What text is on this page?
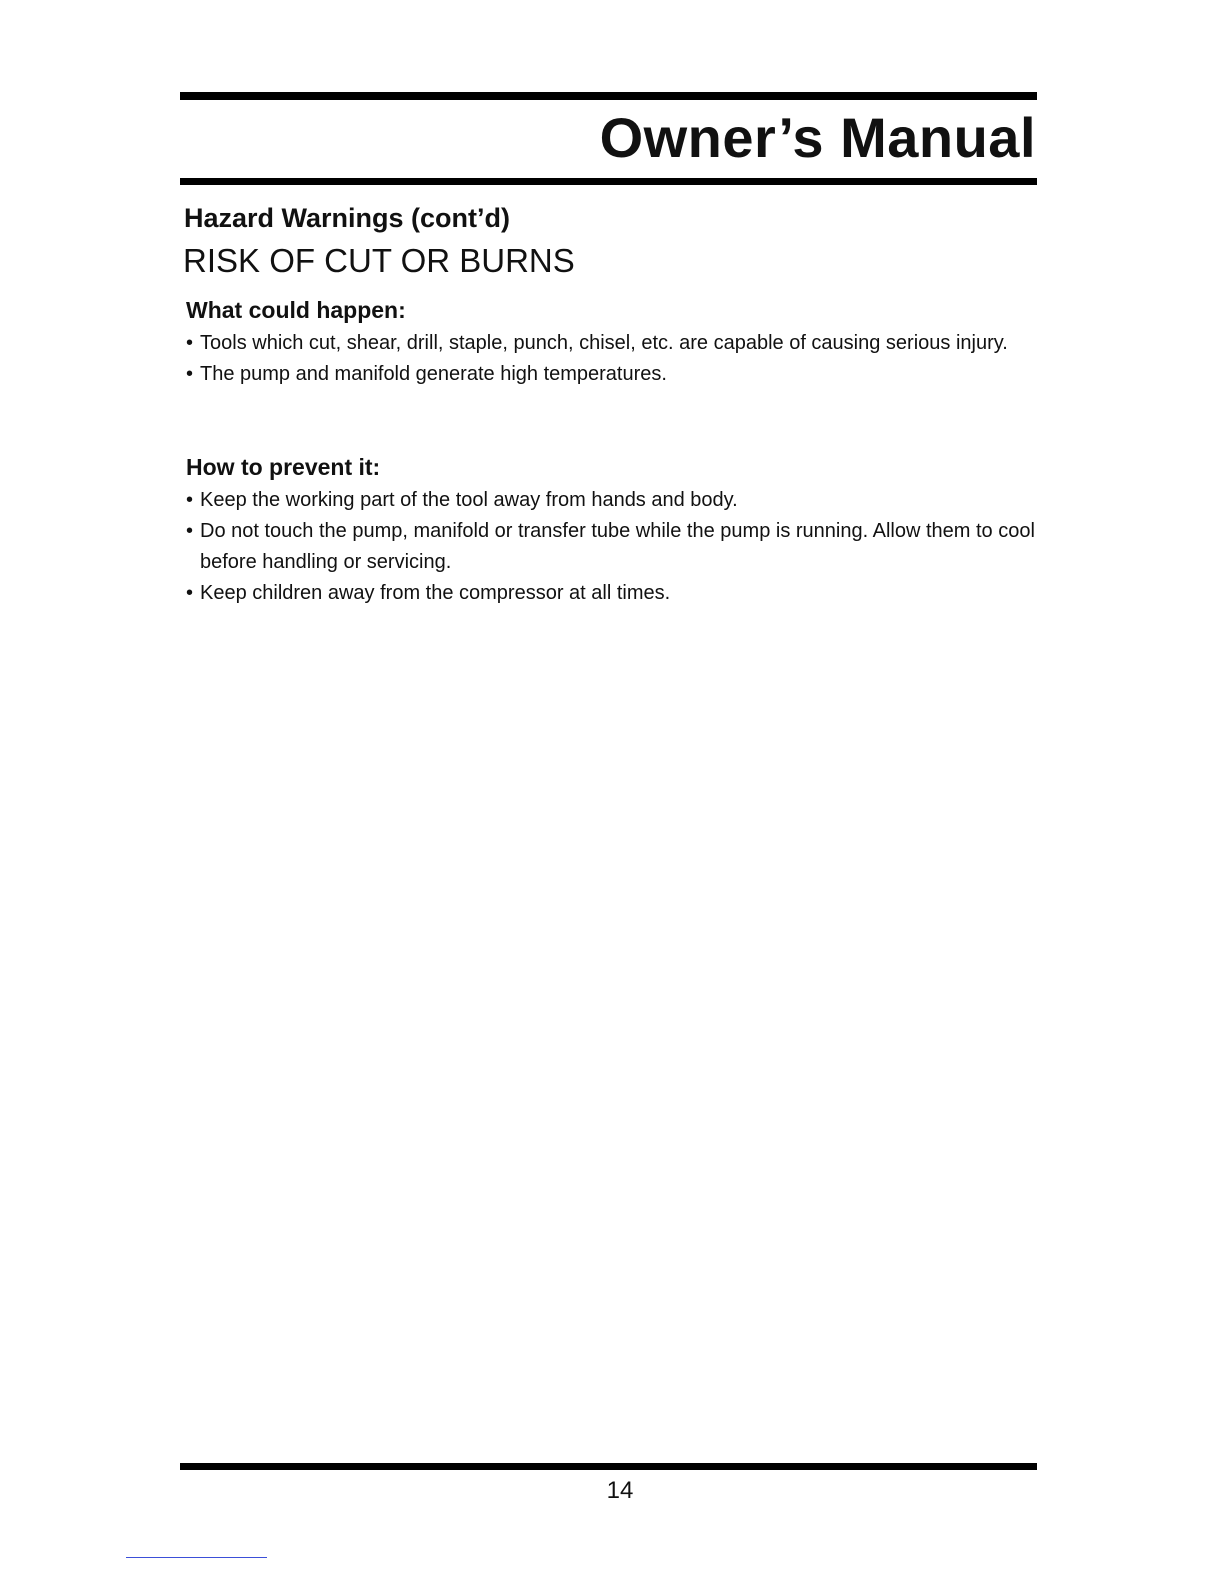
Owner’s Manual
Hazard Warnings (cont’d)
RISK OF CUT OR BURNS
What could happen:
• Tools which cut, shear, drill, staple, punch, chisel, etc. are capable of causing serious injury.
• The pump and manifold generate high temperatures.
How to prevent it:
• Keep the working part of the tool away from hands and body.
• Do not touch the pump, manifold or transfer tube while the pump is running. Allow them to cool before handling or servicing.
• Keep children away from the compressor at all times.

14
